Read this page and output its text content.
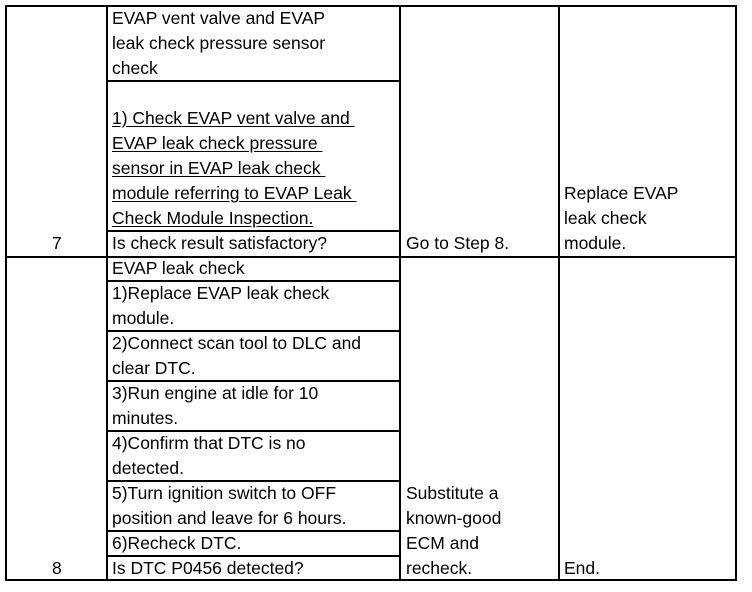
7
EVAP vent valve and EVAP
leak check pressure sensor
check
1) Check EVAP vent valve and
EVAP leak check pressure
sensor in EVAP leak check
module referring to EVAP Leak
Check Module Inspection.
Is check result satisfactory?	Go to Step 8.
Replace EVAP
leak check
module.
8
EVAP leak check
1)Replace EVAP leak check
module.
2)Connect scan tool to DLC and
clear DTC.
3)Run engine at idle for 10
minutes.
4)Confirm that DTC is no
detected.
5)Turn ignition switch to OFF
position and leave for 6 hours.
6)Recheck DTC.
Is DTC P0456 detected?
Substitute a
known-good
ECM and
recheck.	End.
